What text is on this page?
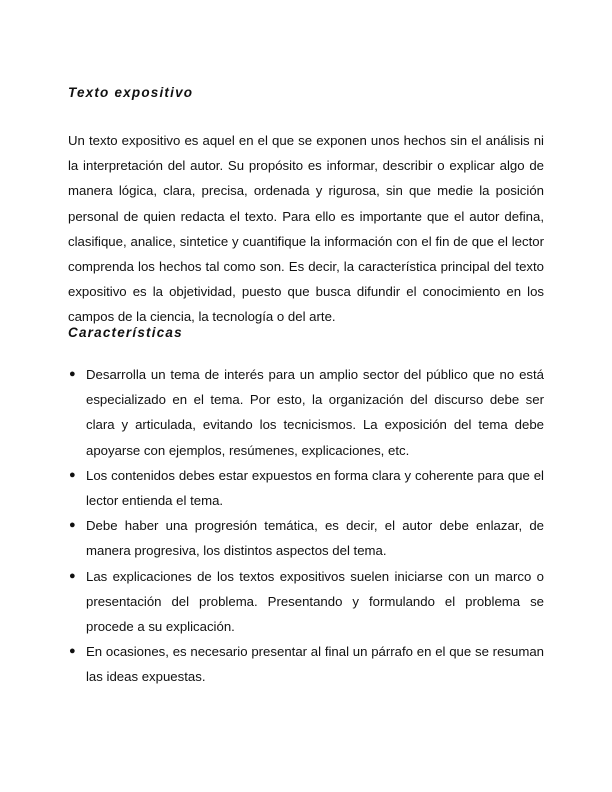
Texto expositivo

Un texto expositivo es aquel en el que se exponen unos hechos sin el análisis ni la interpretación del autor. Su propósito es informar, describir o explicar algo de manera lógica, clara, precisa, ordenada y rigurosa, sin que medie la posición personal de quien redacta el texto. Para ello es importante que el autor defina, clasifique, analice, sintetice y cuantifique la información con el fin de que el lector comprenda los hechos tal como son. Es decir, la característica principal del texto expositivo es la objetividad, puesto que busca difundir el conocimiento en los campos de la ciencia, la tecnología o del arte.

Características
● Desarrolla un tema de interés para un amplio sector del público que no está especializado en el tema. Por esto, la organización del discurso debe ser clara y articulada, evitando los tecnicismos. La exposición del tema debe apoyarse con ejemplos, resúmenes, explicaciones, etc.
● Los contenidos debes estar expuestos en forma clara y coherente para que el lector entienda el tema.
● Debe haber una progresión temática, es decir, el autor debe enlazar, de manera progresiva, los distintos aspectos del tema.
● Las explicaciones de los textos expositivos suelen iniciarse con un marco o presentación del problema. Presentando y formulando el problema se procede a su explicación.
● En ocasiones, es necesario presentar al final un párrafo en el que se resuman las ideas expuestas.
